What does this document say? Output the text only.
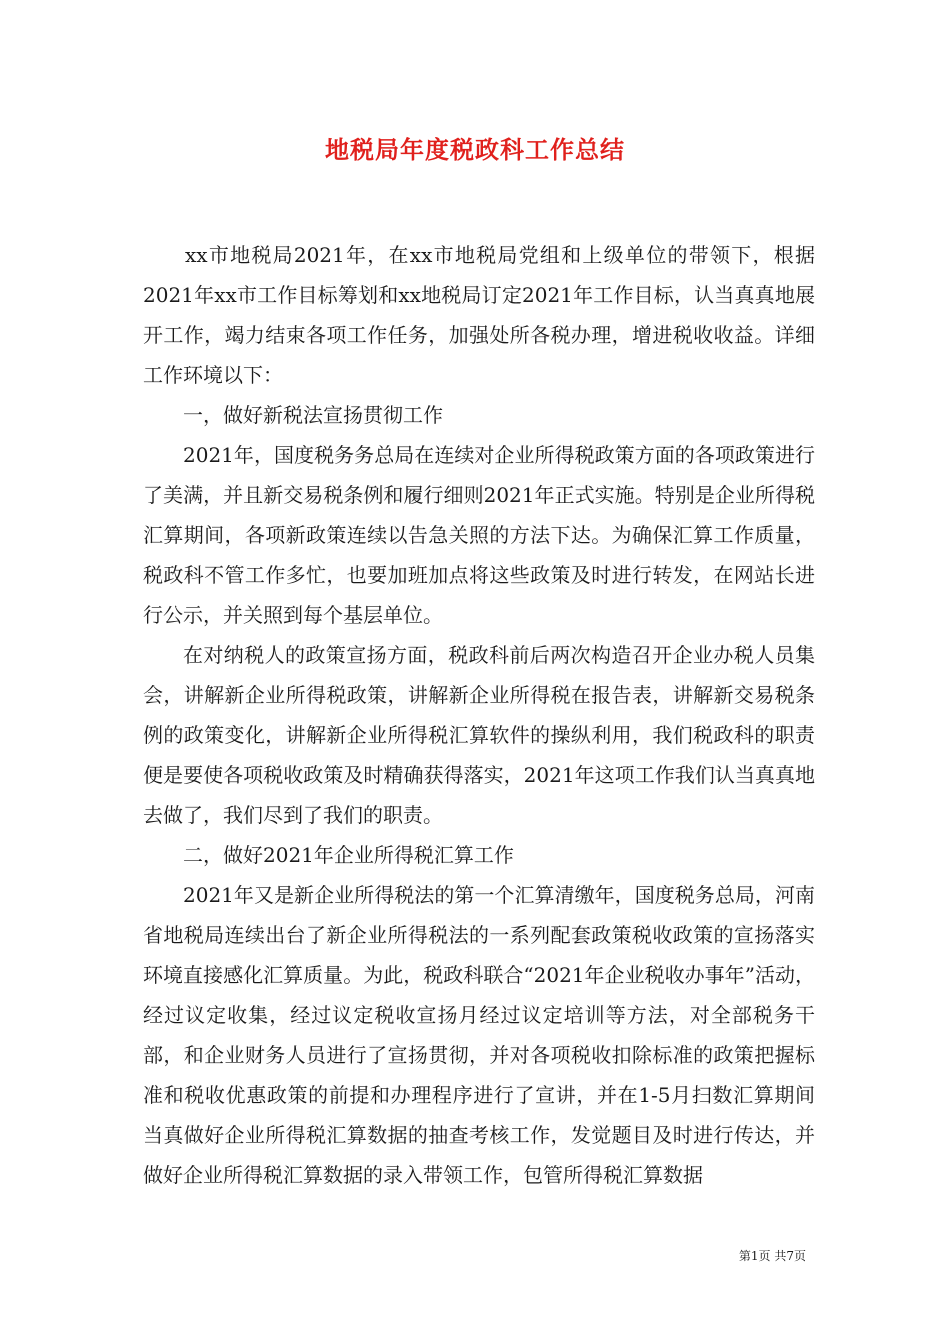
地税局年度税政科工作总结

xx市地税局2021年，在xx市地税局党组和上级单位的带领下，根据2021年xx市工作目标筹划和xx地税局订定2021年工作目标，认当真真地展开工作，竭力结束各项工作任务，加强处所各税办理，增进税收收益。详细工作环境以下：

一，做好新税法宣扬贯彻工作

2021年，国度税务务总局在连续对企业所得税政策方面的各项政策进行了美满，并且新交易税条例和履行细则2021年正式实施。特别是企业所得税汇算期间，各项新政策连续以告急关照的方法下达。为确保汇算工作质量，税政科不管工作多忙，也要加班加点将这些政策及时进行转发，在网站长进行公示，并关照到每个基层单位。

在对纳税人的政策宣扬方面，税政科前后两次构造召开企业办税人员集会，讲解新企业所得税政策，讲解新企业所得税在报告表，讲解新交易税条例的政策变化，讲解新企业所得税汇算软件的操纵利用，我们税政科的职责便是要使各项税收政策及时精确获得落实，2021年这项工作我们认当真真地去做了，我们尽到了我们的职责。

二，做好2021年企业所得税汇算工作

2021年又是新企业所得税法的第一个汇算清缴年，国度税务总局，河南省地税局连续出台了新企业所得税法的一系列配套政策税收政策的宣扬落实环境直接感化汇算质量。为此，税政科联合“2021年企业税收办事年”活动，经过议定收集，经过议定税收宣扬月经过议定培训等方法，对全部税务干部，和企业财务人员进行了宣扬贯彻，并对各项税收扣除标准的政策把握标准和税收优惠政策的前提和办理程序进行了宣讲，并在1-5月扫数汇算期间当真做好企业所得税汇算数据的抽查考核工作，发觉题目及时进行传达，并做好企业所得税汇算数据的录入带领工作，包管所得税汇算数据

第1页 共7页
